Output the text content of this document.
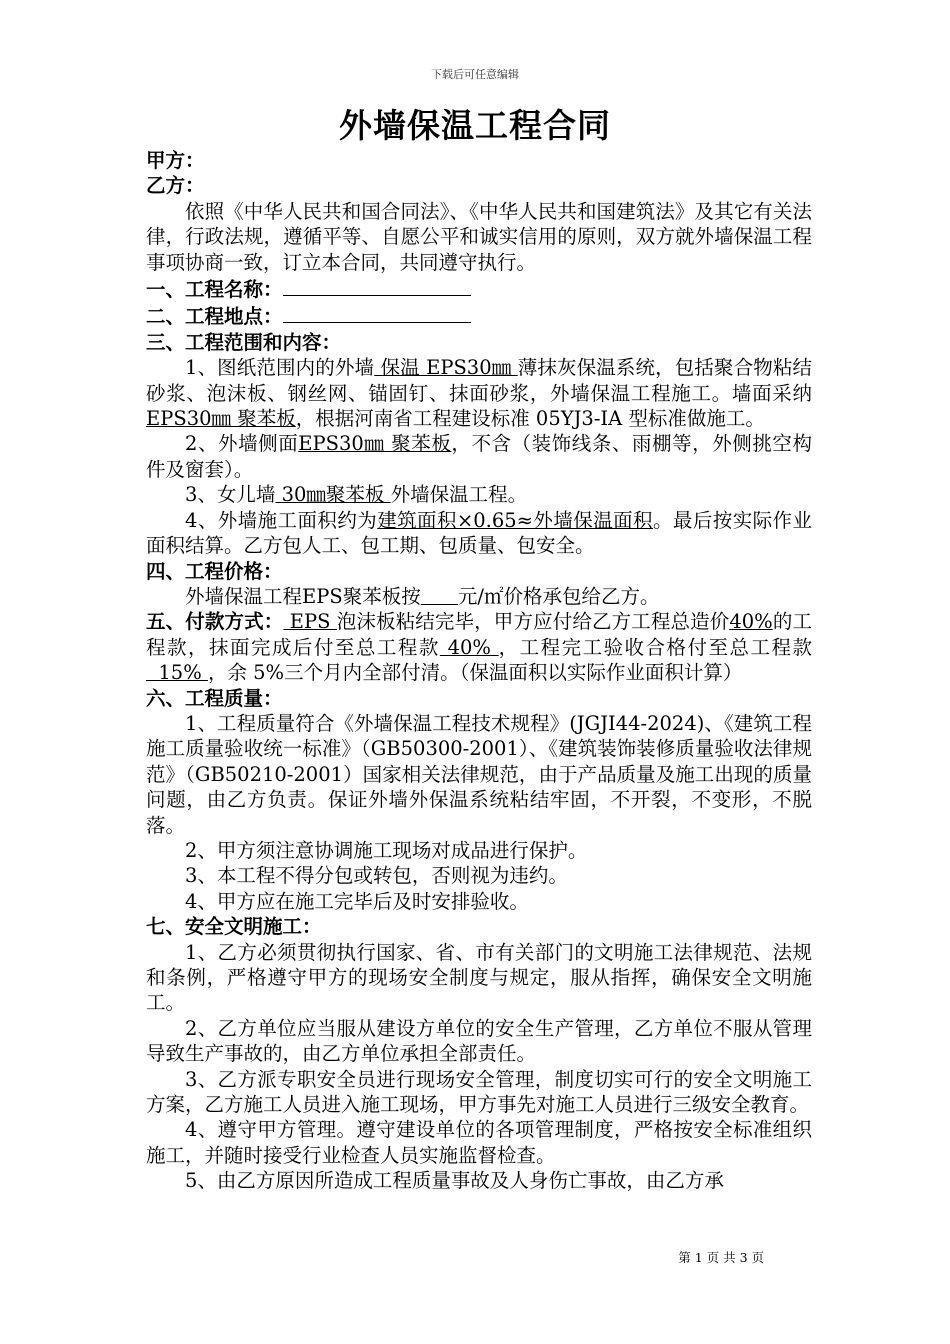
下载后可任意编辑
外墙保温工程合同

甲方：

乙方：

依照《中华人民共和国合同法》、《中华人民共和国建筑法》及其它有关法律，行政法规，遵循平等、自愿公平和诚实信用的原则，双方就外墙保温工程事项协商一致，订立本合同，共同遵守执行。

一、工程名称：

二、工程地点：

三、工程范围和内容：

1、图纸范围内的外墙 保温 EPS30㎜ 薄抹灰保温系统，包括聚合物粘结砂浆、泡沫板、钢丝网、锚固钉、抹面砂浆，外墙保温工程施工。墙面采纳EPS30㎜ 聚苯板，根据河南省工程建设标准 05YJ3-IA 型标准做施工。

2、外墙侧面EPS30㎜ 聚苯板，不含（装饰线条、雨棚等，外侧挑空构件及窗套）。

3、女儿墙 30㎜聚苯板 外墙保温工程。

4、外墙施工面积约为建筑面积×0.65≈外墙保温面积。最后按实际作业面积结算。乙方包人工、包工期、包质量、包安全。

四、工程价格：

外墙保温工程EPS聚苯板按 元/㎡价格承包给乙方。

五、付款方式： EPS 泡沫板粘结完毕，甲方应付给乙方工程总造价40%的工程款，抹面完成后付至总工程款 40% ，工程完工验收合格付至总工程款  15% ，余 5%三个月内全部付清。（保温面积以实际作业面积计算）

六、工程质量：

1、工程质量符合《外墙保温工程技术规程》(JGJI44-2024)、《建筑工程施工质量验收统一标准》（GB50300-2001）、《建筑装饰装修质量验收法律规范》（GB50210-2001）国家相关法律规范，由于产品质量及施工出现的质量问题，由乙方负责。保证外墙外保温系统粘结牢固，不开裂，不变形，不脱落。

2、甲方须注意协调施工现场对成品进行保护。

3、本工程不得分包或转包，否则视为违约。

4、甲方应在施工完毕后及时安排验收。

七、安全文明施工：

1、乙方必须贯彻执行国家、省、市有关部门的文明施工法律规范、法规和条例，严格遵守甲方的现场安全制度与规定，服从指挥，确保安全文明施工。

2、乙方单位应当服从建设方单位的安全生产管理，乙方单位不服从管理导致生产事故的，由乙方单位承担全部责任。

3、乙方派专职安全员进行现场安全管理，制度切实可行的安全文明施工方案，乙方施工人员进入施工现场，甲方事先对施工人员进行三级安全教育。

4、遵守甲方管理。遵守建设单位的各项管理制度，严格按安全标准组织施工，并随时接受行业检查人员实施监督检查。

5、由乙方原因所造成工程质量事故及人身伤亡事故，由乙方承

第 1 页 共 3 页
